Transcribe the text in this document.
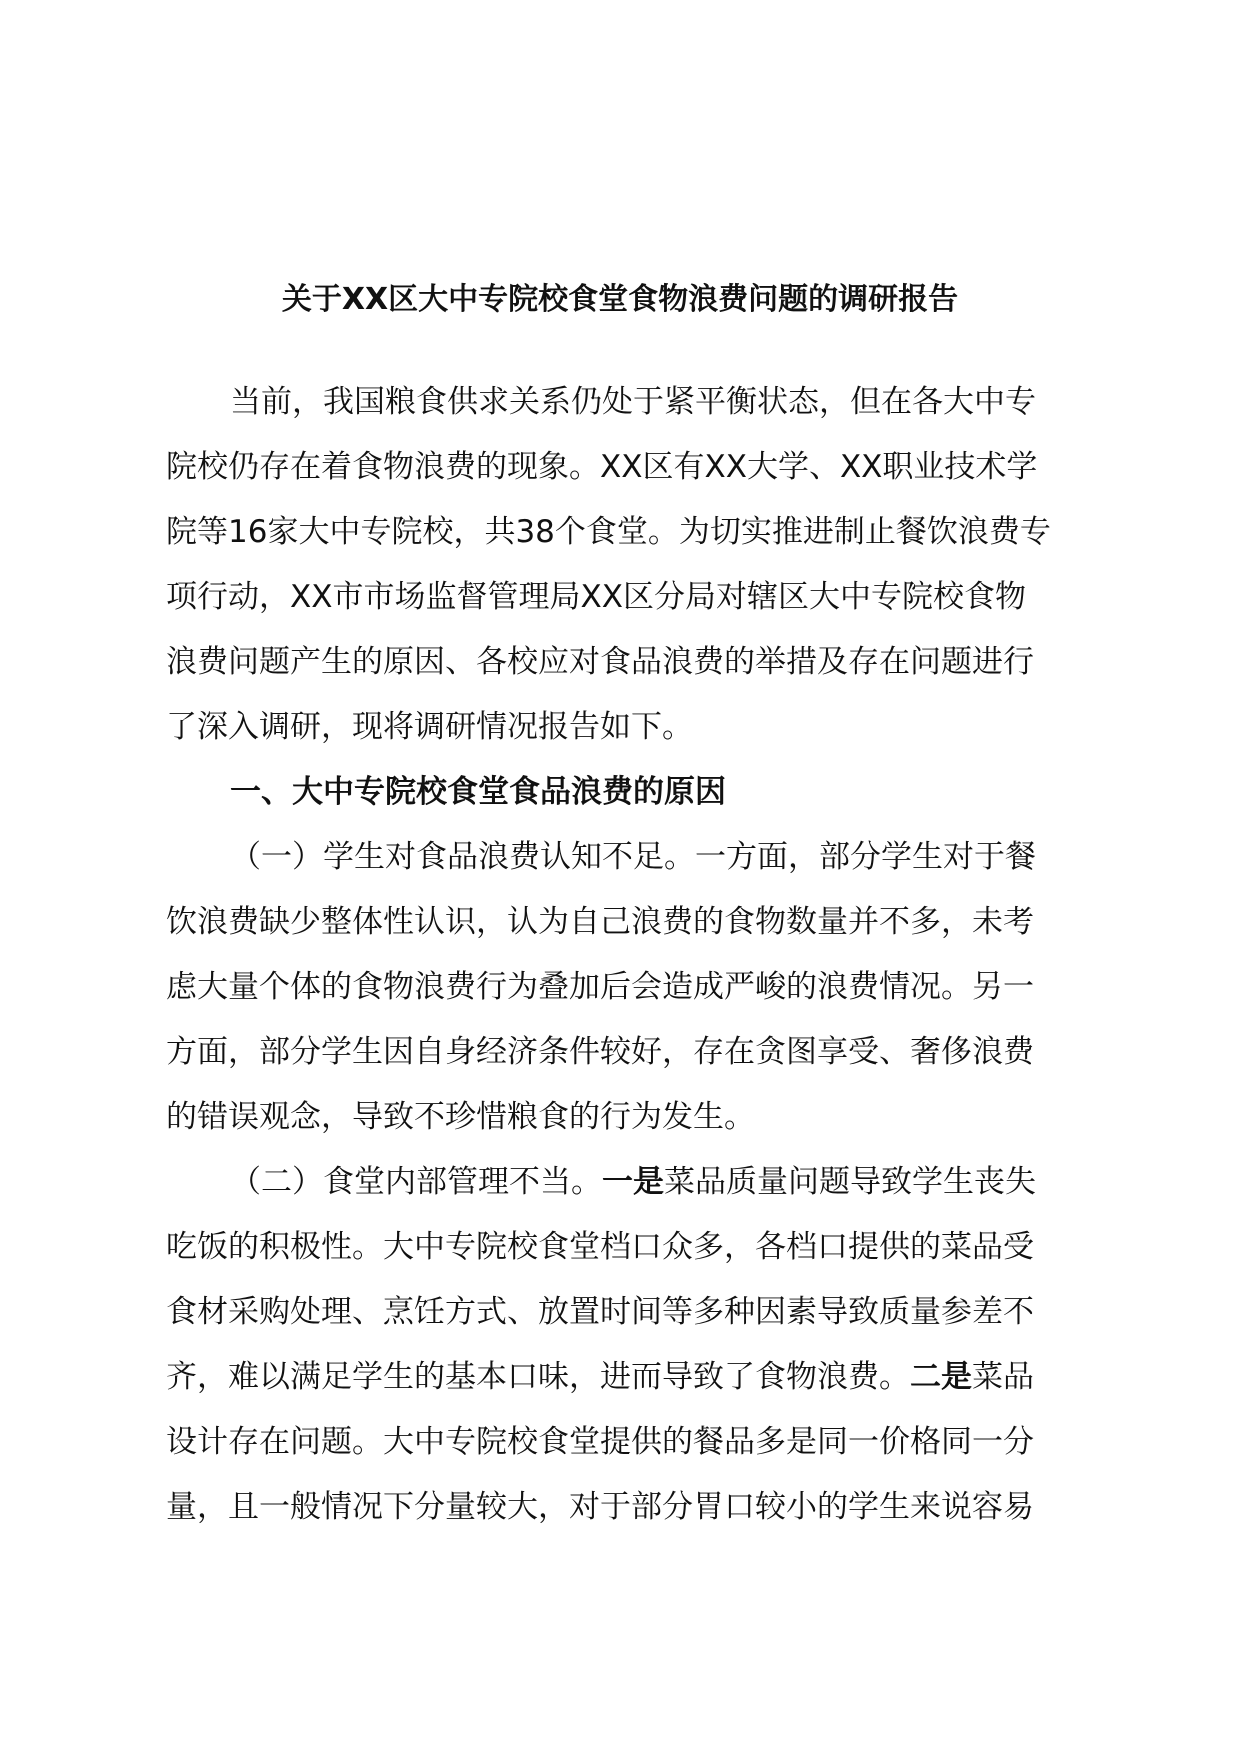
关于XX区大中专院校食堂食物浪费问题的调研报告
当前，我国粮食供求关系仍处于紧平衡状态，但在各大中专
院校仍存在着食物浪费的现象。XX区有XX大学、XX职业技术学
院等16家大中专院校，共38个食堂。为切实推进制止餐饮浪费专
项行动，XX市市场监督管理局XX区分局对辖区大中专院校食物
浪费问题产生的原因、各校应对食品浪费的举措及存在问题进行
了深入调研，现将调研情况报告如下。
一、大中专院校食堂食品浪费的原因
（一）学生对食品浪费认知不足。一方面，部分学生对于餐
饮浪费缺少整体性认识，认为自己浪费的食物数量并不多，未考
虑大量个体的食物浪费行为叠加后会造成严峻的浪费情况。另一
方面，部分学生因自身经济条件较好，存在贪图享受、奢侈浪费
的错误观念，导致不珍惜粮食的行为发生。
（二）食堂内部管理不当。一是菜品质量问题导致学生丧失
吃饭的积极性。大中专院校食堂档口众多，各档口提供的菜品受
食材采购处理、烹饪方式、放置时间等多种因素导致质量参差不
齐，难以满足学生的基本口味，进而导致了食物浪费。二是菜品
设计存在问题。大中专院校食堂提供的餐品多是同一价格同一分
量，且一般情况下分量较大，对于部分胃口较小的学生来说容易
